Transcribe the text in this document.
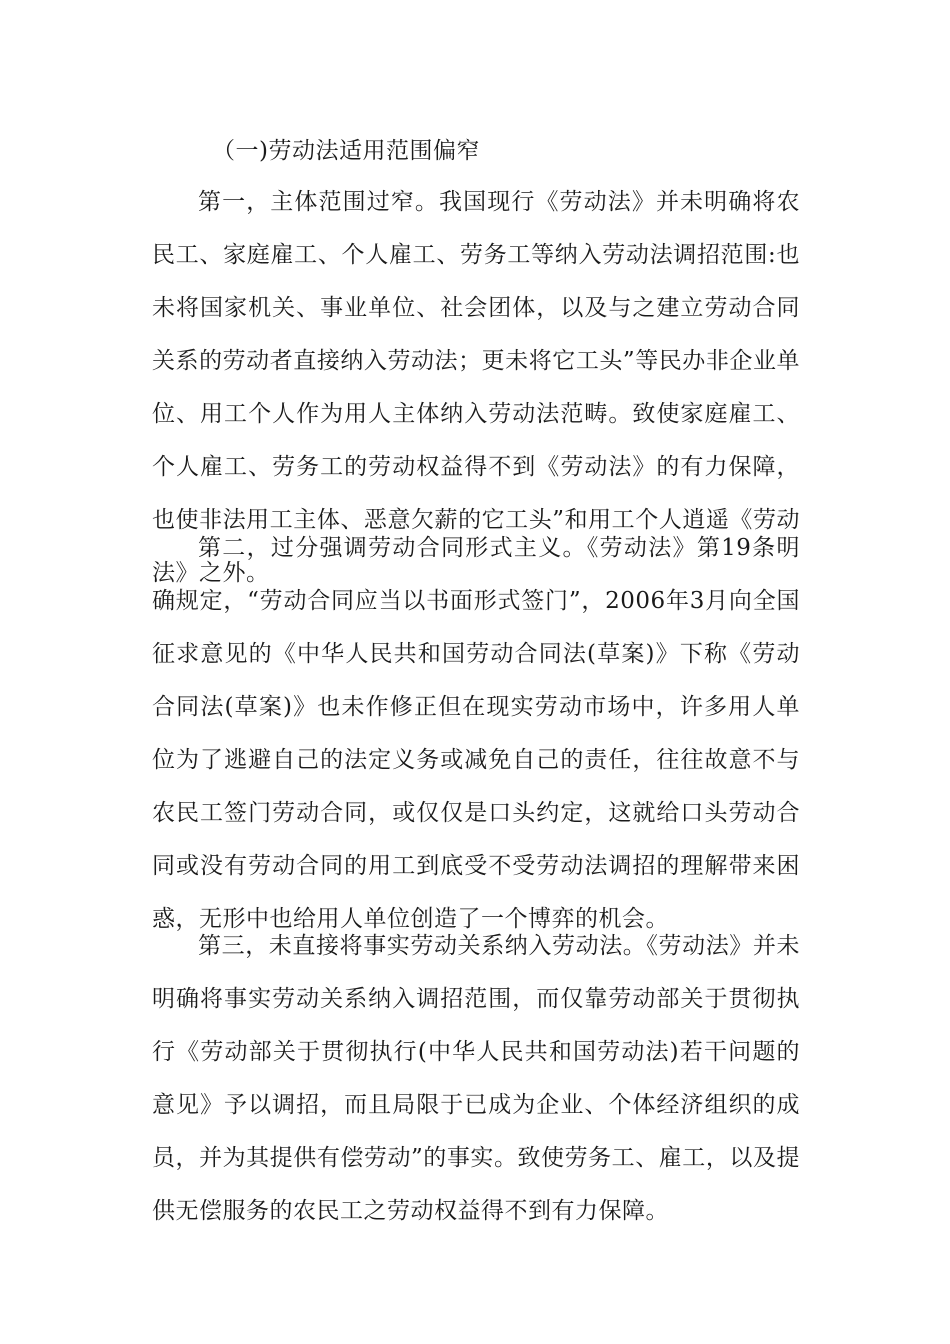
（一)劳动法适用范围偏窄

第一，主体范围过窄。我国现行《劳动法》并未明确将农民工、家庭雇工、个人雇工、劳务工等纳入劳动法调招范围:也未将国家机关、事业单位、社会团体，以及与之建立劳动合同关系的劳动者直接纳入劳动法；更未将它工头”等民办非企业单位、用工个人作为用人主体纳入劳动法范畴。致使家庭雇工、个人雇工、劳务工的劳动权益得不到《劳动法》的有力保障，也使非法用工主体、恶意欠薪的它工头”和用工个人逍遥《劳动法》之外。

第二，过分强调劳动合同形式主义。《劳动法》第19条明确规定，“劳动合同应当以书面形式签门”，2006年3月向全国征求意见的《中华人民共和国劳动合同法(草案)》下称《劳动合同法(草案)》也未作修正但在现实劳动市场中，许多用人单位为了逃避自己的法定义务或减免自己的责任，往往故意不与农民工签门劳动合同，或仅仅是口头约定，这就给口头劳动合同或没有劳动合同的用工到底受不受劳动法调招的理解带来困惑，无形中也给用人单位创造了一个博弈的机会。

第三，未直接将事实劳动关系纳入劳动法。《劳动法》并未明确将事实劳动关系纳入调招范围，而仅靠劳动部关于贯彻执行《劳动部关于贯彻执行(中华人民共和国劳动法)若干问题的意见》予以调招，而且局限于已成为企业、个体经济组织的成员，并为其提供有偿劳动”的事实。致使劳务工、雇工，以及提供无偿服务的农民工之劳动权益得不到有力保障。
